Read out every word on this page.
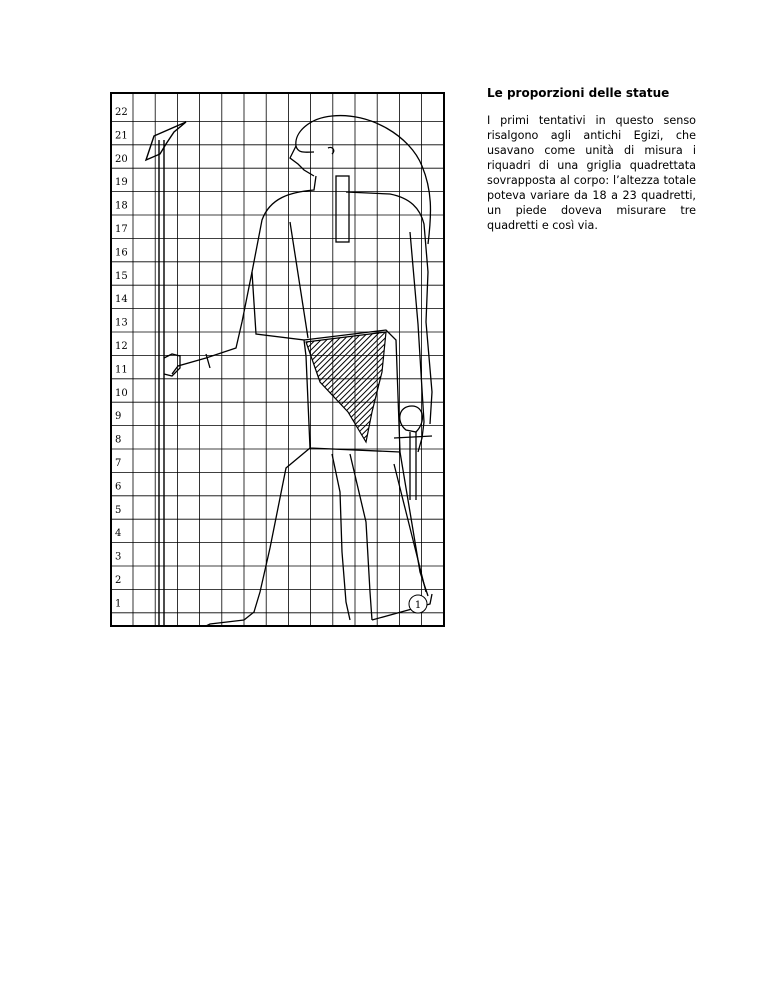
22
21
20
19
18
17
16
15
14
13
12
11
10
9
8
7
6
5
4
3
2
1	1
Le proporzioni delle statue

I primi tentativi in questo senso risalgono agli antichi Egizi, che usavano come unità di misura i riquadri di una griglia quadrettata sovrapposta al corpo: l’altezza totale poteva variare da 18 a 23 quadretti, un piede doveva misurare tre quadretti e così via.
